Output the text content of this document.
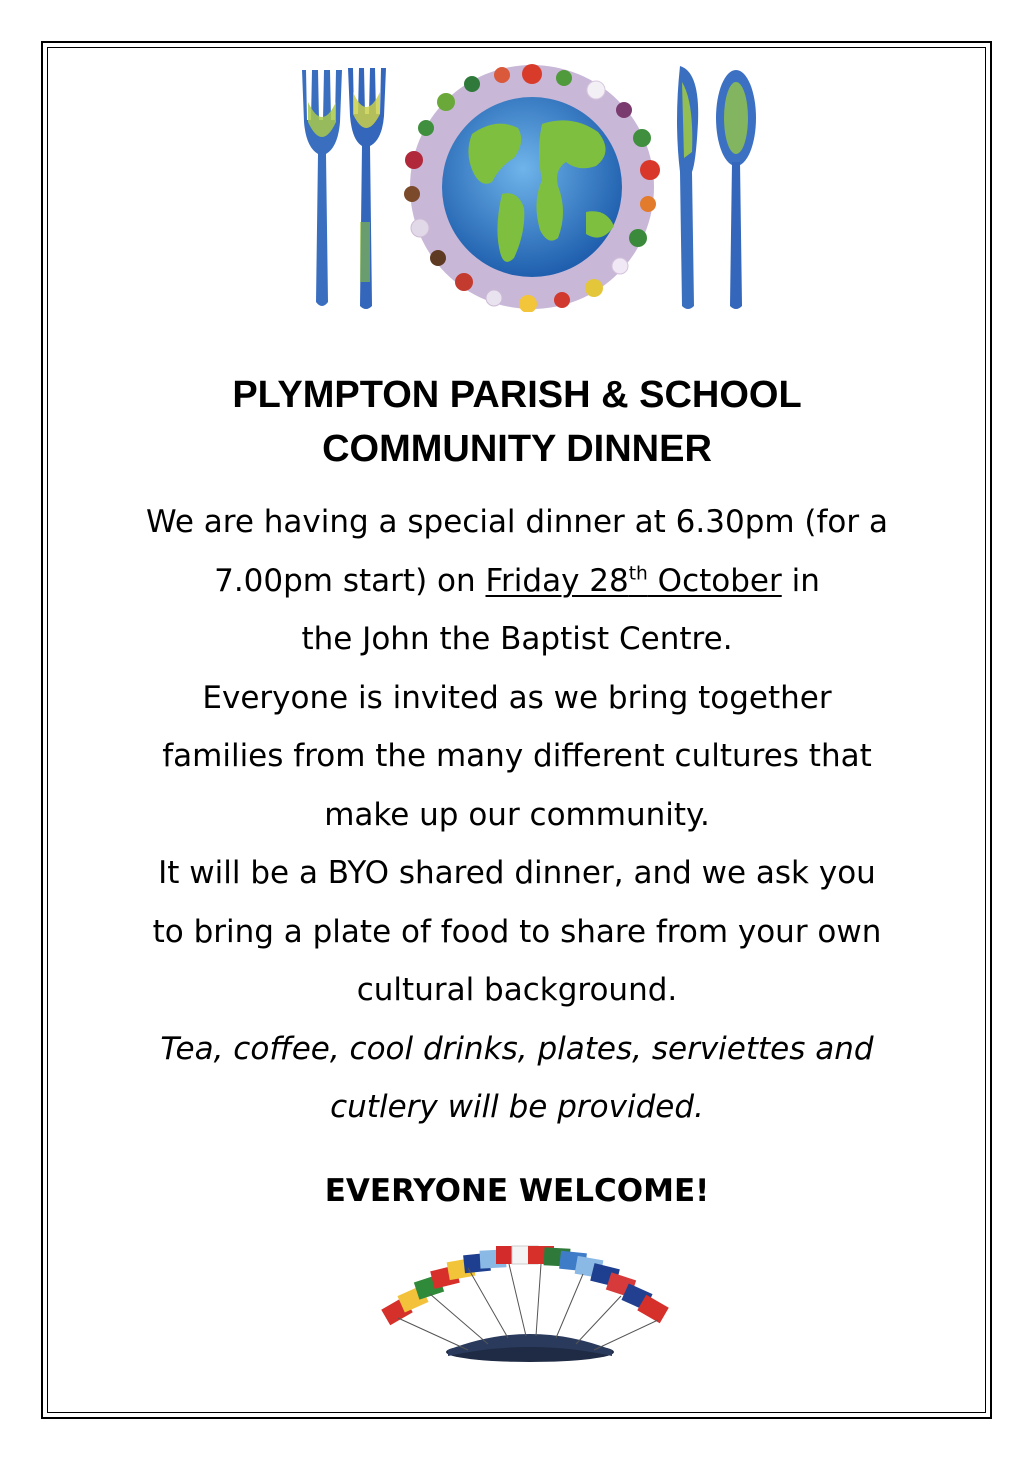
PLYMPTON PARISH & SCHOOL
COMMUNITY DINNER

We are having a special dinner at 6.30pm (for a

7.00pm start) on Friday 28th October in

the John the Baptist Centre.

Everyone is invited as we bring together

families from the many different cultures that

make up our community.

It will be a BYO shared dinner, and we ask you

to bring a plate of food to share from your own

cultural background.

Tea, coffee, cool drinks, plates, serviettes and

cutlery will be provided.

EVERYONE WELCOME!
